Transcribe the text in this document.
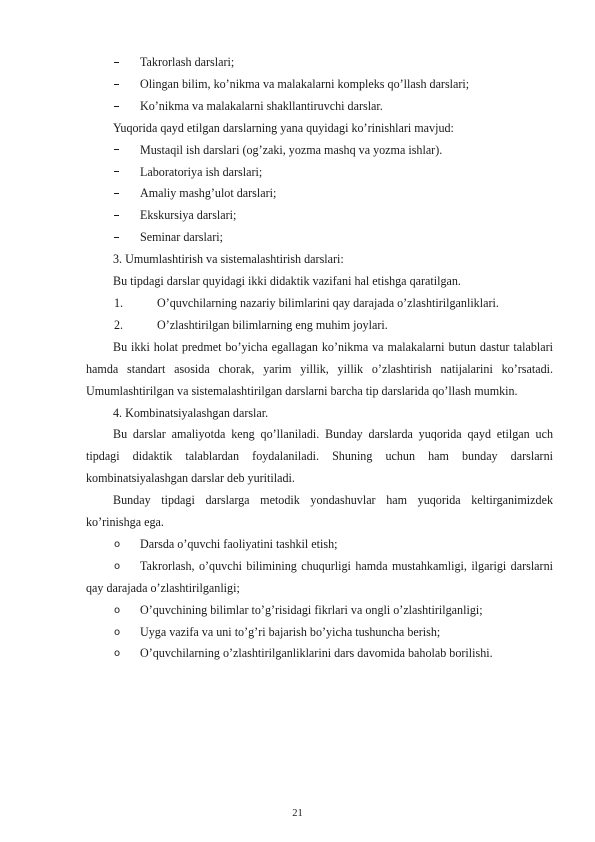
Takrorlash darslari;
Olingan bilim, ko’nikma va malakalarni kompleks qo’llash darslari;
Ko’nikma va malakalarni shakllantiruvchi darslar.

Yuqorida qayd etilgan darslarning yana quyidagi ko’rinishlari mavjud:

Mustaqil ish darslari (og’zaki, yozma mashq va yozma ishlar).
Laboratoriya ish darslari;
Amaliy mashg’ulot darslari;
Ekskursiya darslari;
Seminar darslari;

3. Umumlashtirish va sistemalashtirish darslari:

Bu tipdagi darslar quyidagi ikki didaktik vazifani hal etishga qaratilgan.

1.	O’quvchilarning nazariy bilimlarini qay darajada o’zlashtirilganliklari.
2.	O’zlashtirilgan bilimlarning eng muhim joylari.

Bu ikki holat predmet bo’yicha egallagan ko’nikma va malakalarni butun dastur talablari hamda standart asosida chorak, yarim yillik, yillik o’zlashtirish natijalarini ko’rsatadi. Umumlashtirilgan va sistemalashtirilgan darslarni barcha tip darslarida qo’llash mumkin.

4. Kombinatsiyalashgan darslar.

Bu darslar amaliyotda keng qo’llaniladi. Bunday darslarda yuqorida qayd etilgan uch tipdagi didaktik talablardan foydalaniladi. Shuning uchun ham bunday darslarni kombinatsiyalashgan darslar deb yuritiladi.

Bunday tipdagi darslarga metodik yondashuvlar ham yuqorida keltirganimizdek ko’rinishga ega.

o	Darsda o’quvchi faoliyatini tashkil etish;
o	Takrorlash, o’quvchi bilimining chuqurligi hamda mustahkamligi, ilgarigi darslarni qay darajada o’zlashtirilganligi;
o	O’quvchining bilimlar to’g’risidagi fikrlari va ongli o’zlashtirilganligi;
o	Uyga vazifa va uni to’g’ri bajarish bo’yicha tushuncha berish;
o	O’quvchilarning o’zlashtirilganliklarini dars davomida baholab borilishi.
21
